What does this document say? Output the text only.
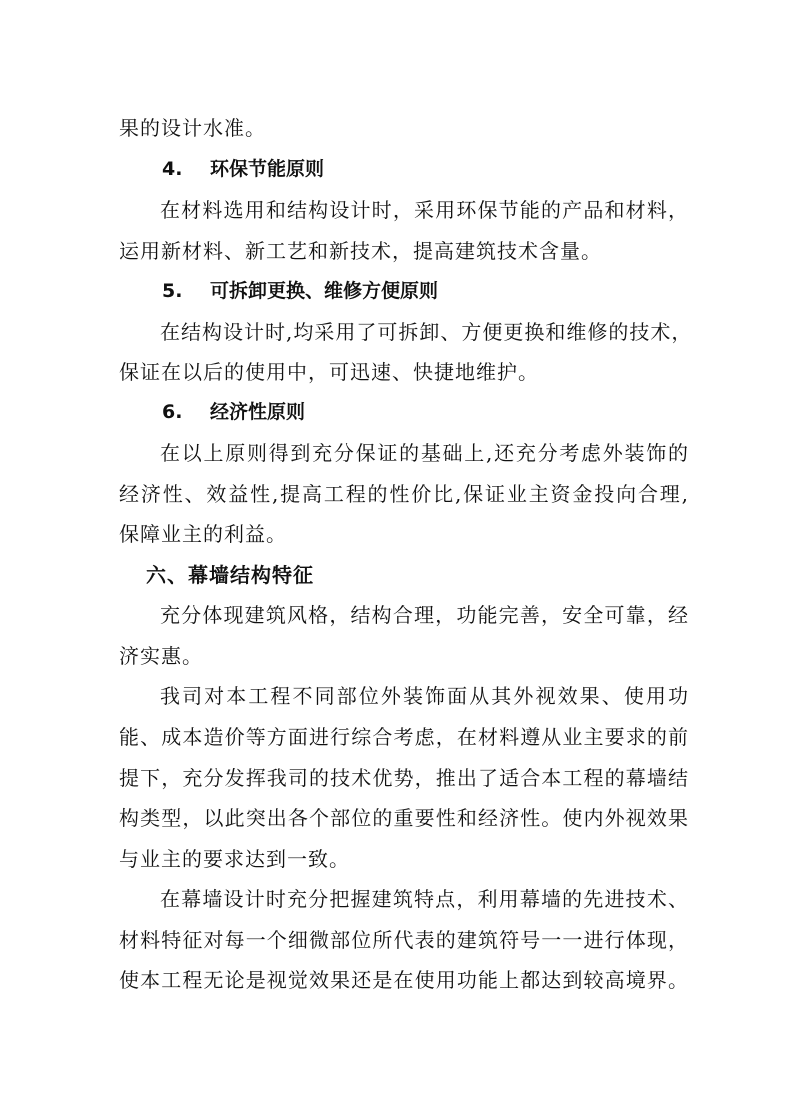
果的设计水准。
4. 环保节能原则
在材料选用和结构设计时，采用环保节能的产品和材料，
运用新材料、新工艺和新技术，提高建筑技术含量。
5. 可拆卸更换、维修方便原则
在结构设计时,均采用了可拆卸、方便更换和维修的技术，
保证在以后的使用中，可迅速、快捷地维护。
6. 经济性原则
在以上原则得到充分保证的基础上,还充分考虑外装饰的
经济性、效益性,提高工程的性价比,保证业主资金投向合理,
保障业主的利益。
六、幕墙结构特征
充分体现建筑风格，结构合理，功能完善，安全可靠，经
济实惠。
我司对本工程不同部位外装饰面从其外视效果、使用功
能、成本造价等方面进行综合考虑，在材料遵从业主要求的前
提下，充分发挥我司的技术优势，推出了适合本工程的幕墙结
构类型，以此突出各个部位的重要性和经济性。使内外视效果
与业主的要求达到一致。
在幕墙设计时充分把握建筑特点，利用幕墙的先进技术、
材料特征对每一个细微部位所代表的建筑符号一一进行体现，
使本工程无论是视觉效果还是在使用功能上都达到较高境界。
